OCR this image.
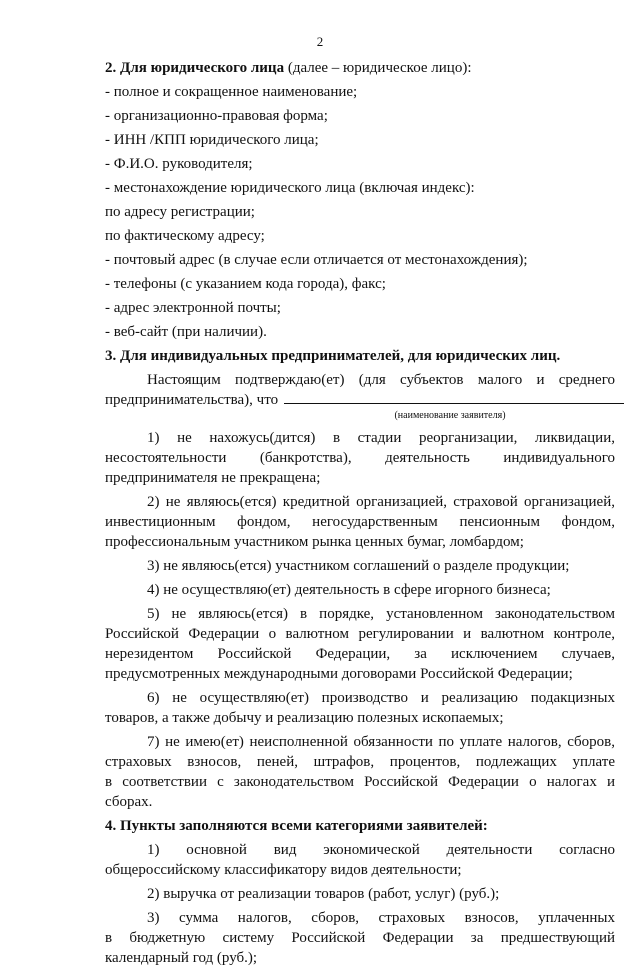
2
2. Для юридического лица (далее – юридическое лицо):
- полное и сокращенное наименование;
- организационно-правовая форма;
- ИНН /КПП юридического лица;
- Ф.И.О. руководителя;
- местонахождение юридического лица (включая индекс):
по адресу регистрации;
по фактическому адресу;
- почтовый адрес (в случае если отличается от местонахождения);
- телефоны (с указанием кода города), факс;
- адрес электронной почты;
- веб-сайт (при наличии).
3. Для индивидуальных предпринимателей, для юридических лиц.
Настоящим подтверждаю(ет) (для субъектов малого и среднего
предпринимательства), что
(наименование заявителя)
1) не нахожусь(дится) в стадии реорганизации, ликвидации,
несостоятельности (банкротства), деятельность индивидуального
предпринимателя не прекращена;
2) не являюсь(ется) кредитной организацией, страховой организацией,
инвестиционным фондом, негосударственным пенсионным фондом,
профессиональным участником рынка ценных бумаг, ломбардом;
3) не являюсь(ется) участником соглашений о разделе продукции;
4) не осуществляю(ет) деятельность в сфере игорного бизнеса;
5) не являюсь(ется) в порядке, установленном законодательством
Российской Федерации о валютном регулировании и валютном контроле,
нерезидентом Российской Федерации, за исключением случаев,
предусмотренных международными договорами Российской Федерации;
6) не осуществляю(ет) производство и реализацию подакцизных
товаров, а также добычу и реализацию полезных ископаемых;
7) не имею(ет) неисполненной обязанности по уплате налогов, сборов,
страховых взносов, пеней, штрафов, процентов, подлежащих уплате
в соответствии с законодательством Российской Федерации о налогах и
сборах.
4. Пункты заполняются всеми категориями заявителей:
1) основной вид экономической деятельности согласно
общероссийскому классификатору видов деятельности;
2) выручка от реализации товаров (работ, услуг) (руб.);
3) сумма налогов, сборов, страховых взносов, уплаченных
в бюджетную систему Российской Федерации за предшествующий
календарный год (руб.);
